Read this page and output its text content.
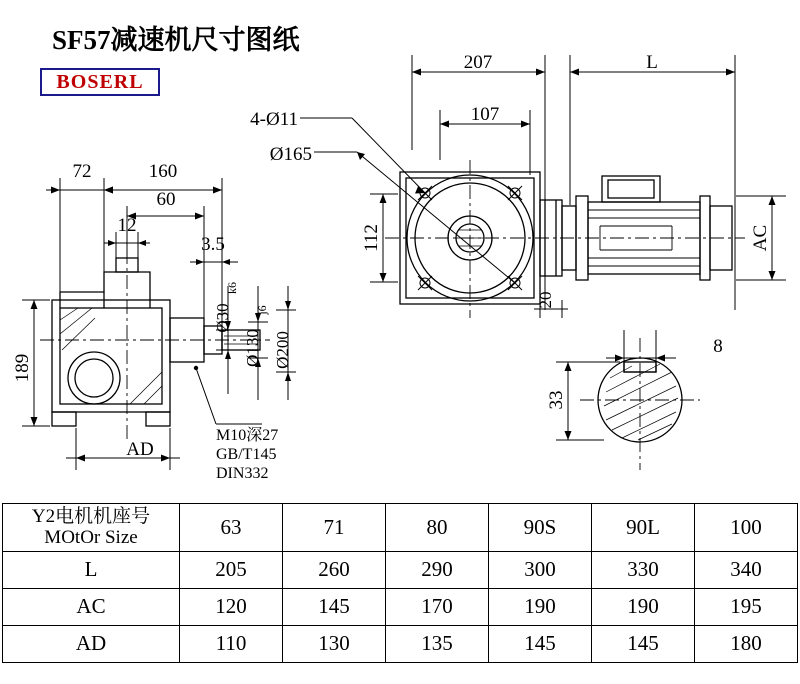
SF57减速机尺寸图纸
BOSERL
207	L
4-Ø11	107
Ø165
112
20
AC
72	160
60
12
3.5
189
AD
Ø30
k6
Ø130
j6
Ø200
M10深27
GB/T145
DIN332
8
33
Y2电机机座号
MOtOr Size	63	71	80	90S	90L	100
L	205	260	290	300	330	340
AC	120	145	170	190	190	195
AD	110	130	135	145	145	180
